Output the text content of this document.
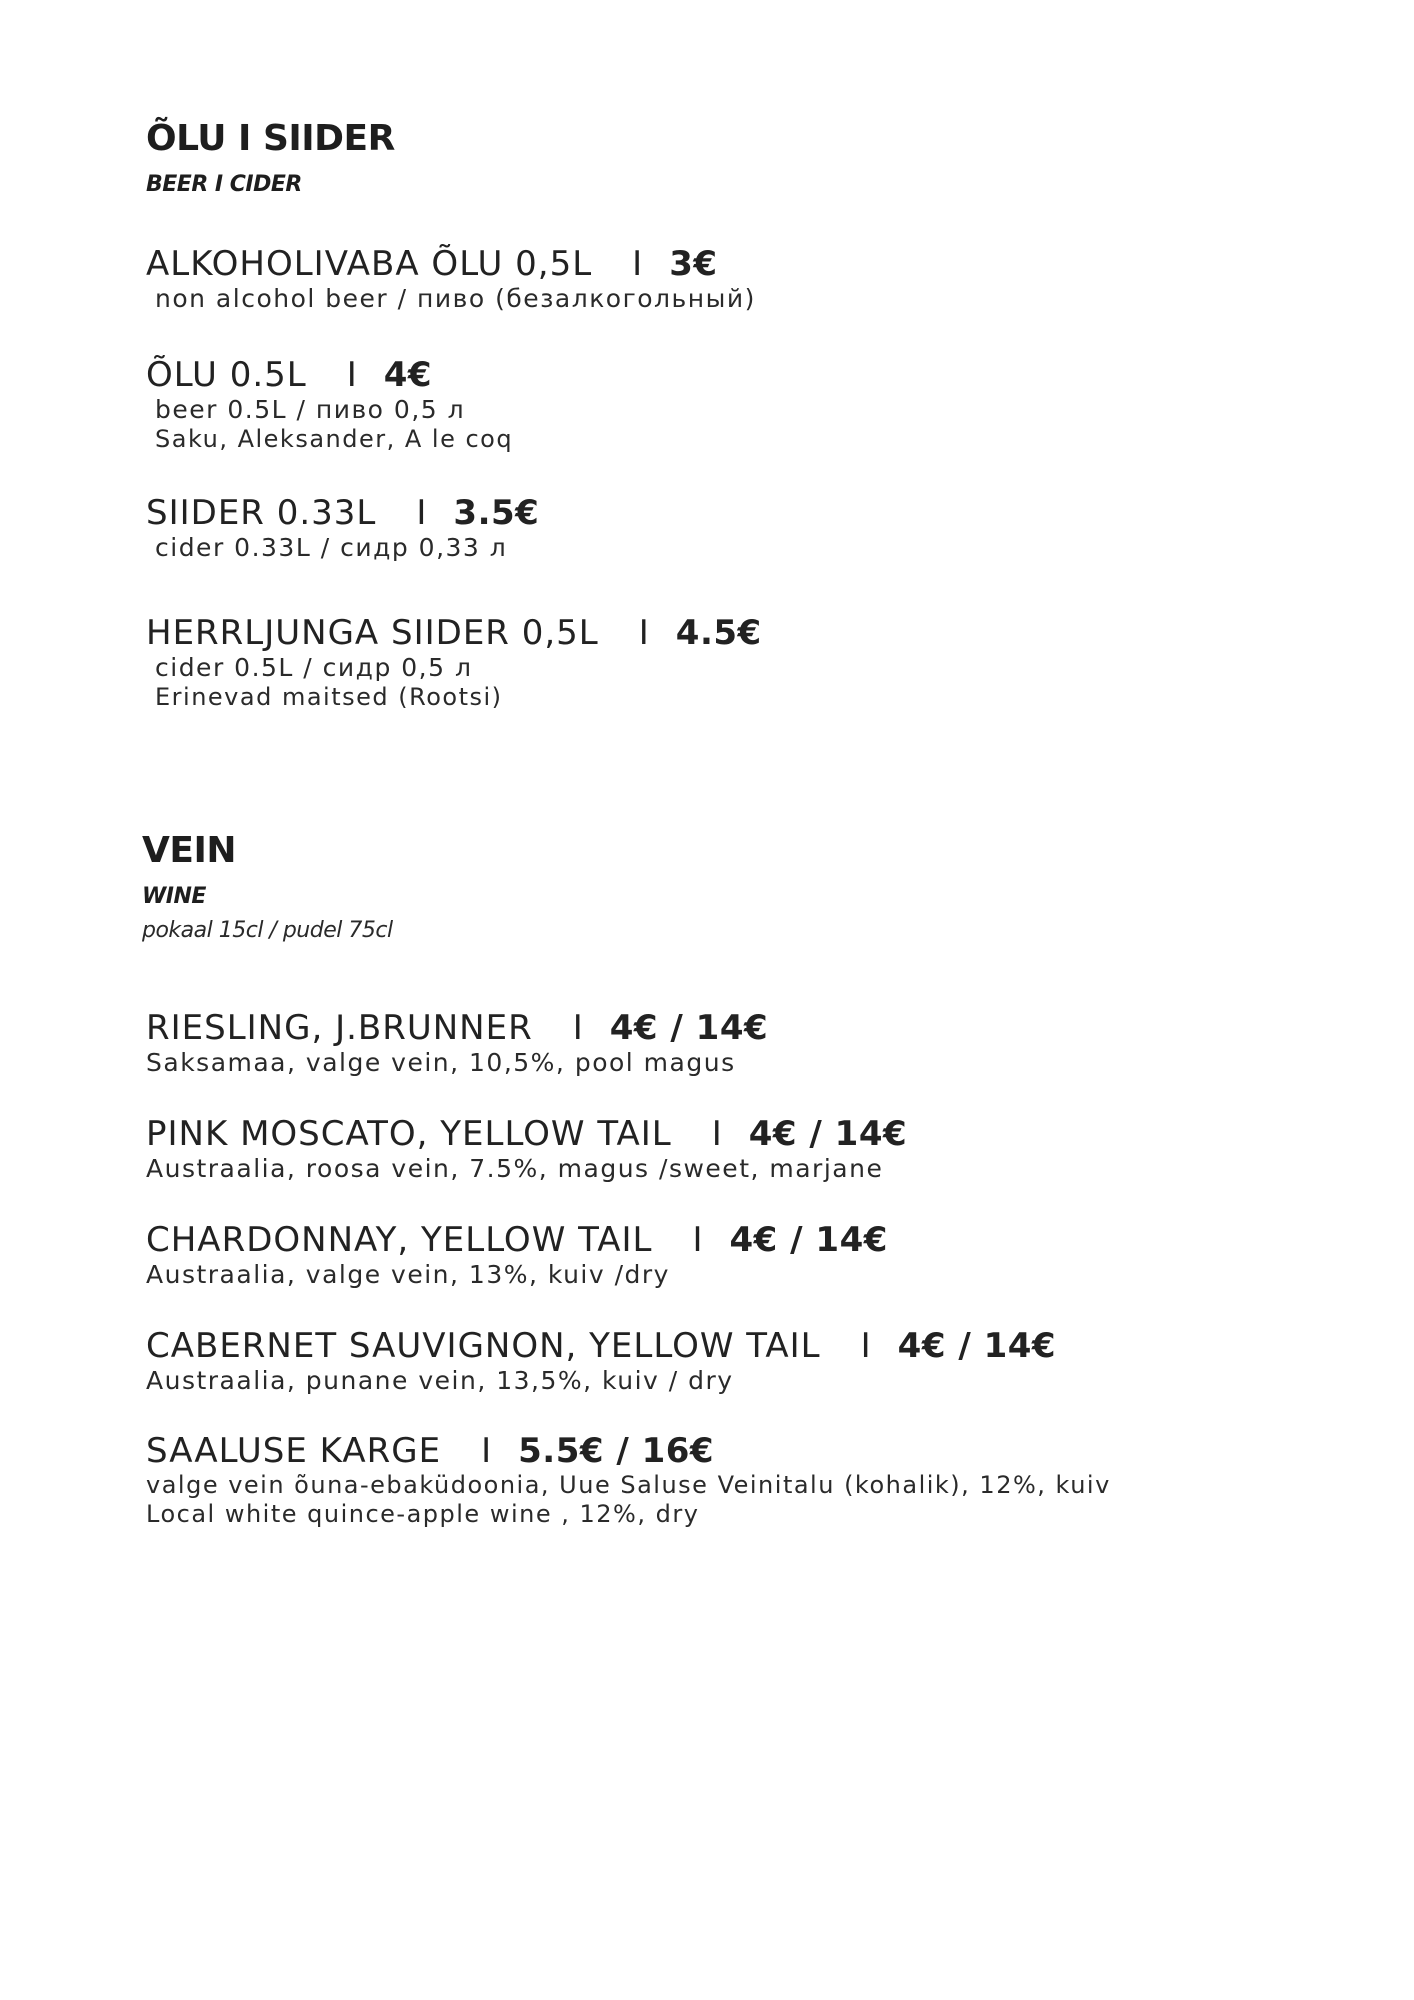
ÕLU I SIIDER
BEER I CIDER
ALKOHOLIVABA ÕLU 0,5L I 3€
non alcohol beer / пиво (безалкогольный)
ÕLU 0.5L I 4€
beer 0.5L / пиво 0,5 л
Saku, Aleksander, A le coq
SIIDER 0.33L I 3.5€
cider 0.33L / сидр 0,33 л
HERRLJUNGA SIIDER 0,5L I 4.5€
cider 0.5L / сидр 0,5 л
Erinevad maitsed (Rootsi)
VEIN
WINE
pokaal 15cl / pudel 75cl
RIESLING, J.BRUNNER I 4€ / 14€
Saksamaa, valge vein, 10,5%, pool magus
PINK MOSCATO, YELLOW TAIL I 4€ / 14€
Austraalia, roosa vein, 7.5%, magus /sweet, marjane
CHARDONNAY, YELLOW TAIL I 4€ / 14€
Austraalia, valge vein, 13%, kuiv /dry
CABERNET SAUVIGNON, YELLOW TAIL I 4€ / 14€
Austraalia, punane vein, 13,5%, kuiv / dry
SAALUSE KARGE I 5.5€ / 16€
valge vein õuna-ebaküdoonia, Uue Saluse Veinitalu (kohalik), 12%, kuiv
Local white quince-apple wine , 12%, dry
